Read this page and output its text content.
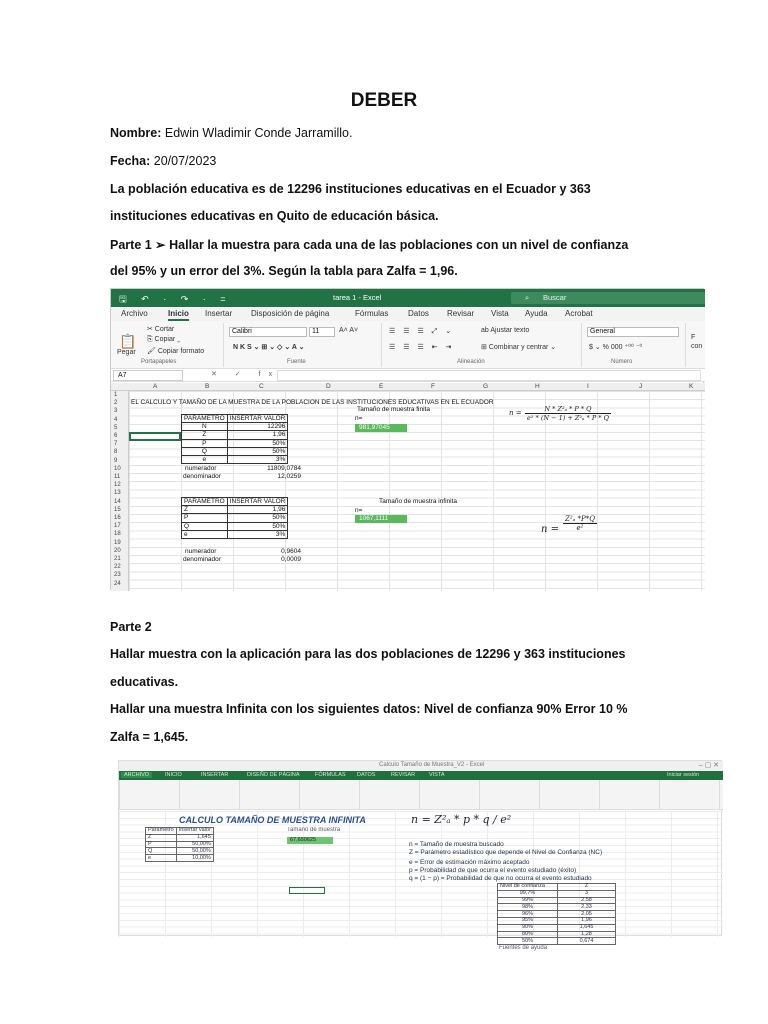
DEBER
Nombre: Edwin Wladimir Conde Jarramillo.
Fecha: 20/07/2023
La población educativa es de 12296 instituciones educativas en el Ecuador y 363
instituciones educativas en Quito de educación básica.
Parte 1 ➢ Hallar la muestra para cada una de las poblaciones con un nivel de confianza
del 95% y un error del 3%. Según la tabla para Zalfa = 1,96.
🖫 ↶ · ↷ · =	tarea 1 - Excel	⌕ Buscar
Archivo	Inicio Insertar Disposición de página	Fórmulas Datos Revisar Vista Ayuda Acrobat
📋
Pegar
✂ Cortar
⎘ Copiar ⌄
🖌 Copiar formato
Portapapeles
Calibri	11	A˄ A˅
N K S ⌄ ⊞ ⌄ ◇ ⌄ A ⌄
Fuente
☰ ☰ ☰ ⤢ ⌄
☰ ☰ ☰ ⇤ ⇥
ab Ajustar texto
⊞ Combinar y centrar ⌄
Alineación
General
$ ⌄ % 000 ⁺⁰⁰ ⁻⁰
Número
F
con
A7	✕ ✓ fx
A	B	C	D	E	F	G	H	I	J	K
1
2
3
4
5
6
7
8
9
10
11
12
13
14
15
16
17
18
19
20
21
22
23
24
EL CALCULO Y TAMAÑO DE LA MUESTRA DE LA POBLACION DE LAS INSTITUCIONES EDUCATIVAS EN EL ECUADOR
PARÁMETRO	INSERTAR VALOR
N	12296
Z	1,96
P	50%
Q	50%
e	3%
numerador	11809,0784
denominador	12,0259
Tamaño de muestra finita
n=
981,97045
$n = \frac{\text{N * Z²ₐ * P * Q}}{\text{e² * (N − 1) + Z²ₐ * P * Q}}$
PARÁMETRO	INSERTAR VALOR
Z	1,96
P	50%
Q	50%
e	3%
numerador	0,9604
denominador	0,0009
Tamaño de muestra infinita
n=
1067,1111
$n = \frac{\text{Z²ₐ *P*Q}}{\text{e²}}$
Parte 2
Hallar muestra con la aplicación para las dos poblaciones de 12296 y 363 instituciones
educativas.
Hallar una muestra Infinita con los siguientes datos: Nivel de confianza 90% Error 10 %
Zalfa = 1,645.
Calculo Tamaño de Muestra_V2 - Excel	– ▢ ✕
ARCHIVO	INICIO	INSERTAR	DISEÑO DE PÁGINA	FÓRMULAS DATOS	REVISAR	VISTA	Iniciar sesión
CALCULO TAMAÑO DE MUESTRA INFINITA
Parametro	Insertar valor
Z	1,645
P	50,00%
Q	50,00%
e	10,00%
Tamaño de muestra
67,650625
n = Z²ₐ * p * q / e²
n = Tamaño de muestra buscado
Z = Parámetro estadístico que depende el Nivel de Confianza (NC)
e = Error de estimación máximo aceptado
p = Probabilidad de que ocurra el evento estudiado (éxito)
q = (1 − p) = Probabilidad de que no ocurra el evento estudiado
Nivel de confianza	Z
99,7%	3
99%	2,58
98%	2,33
96%	2,05
95%	1,96
90%	1,645
80%	1,28
50%	0,674
Fuentes de ayuda
